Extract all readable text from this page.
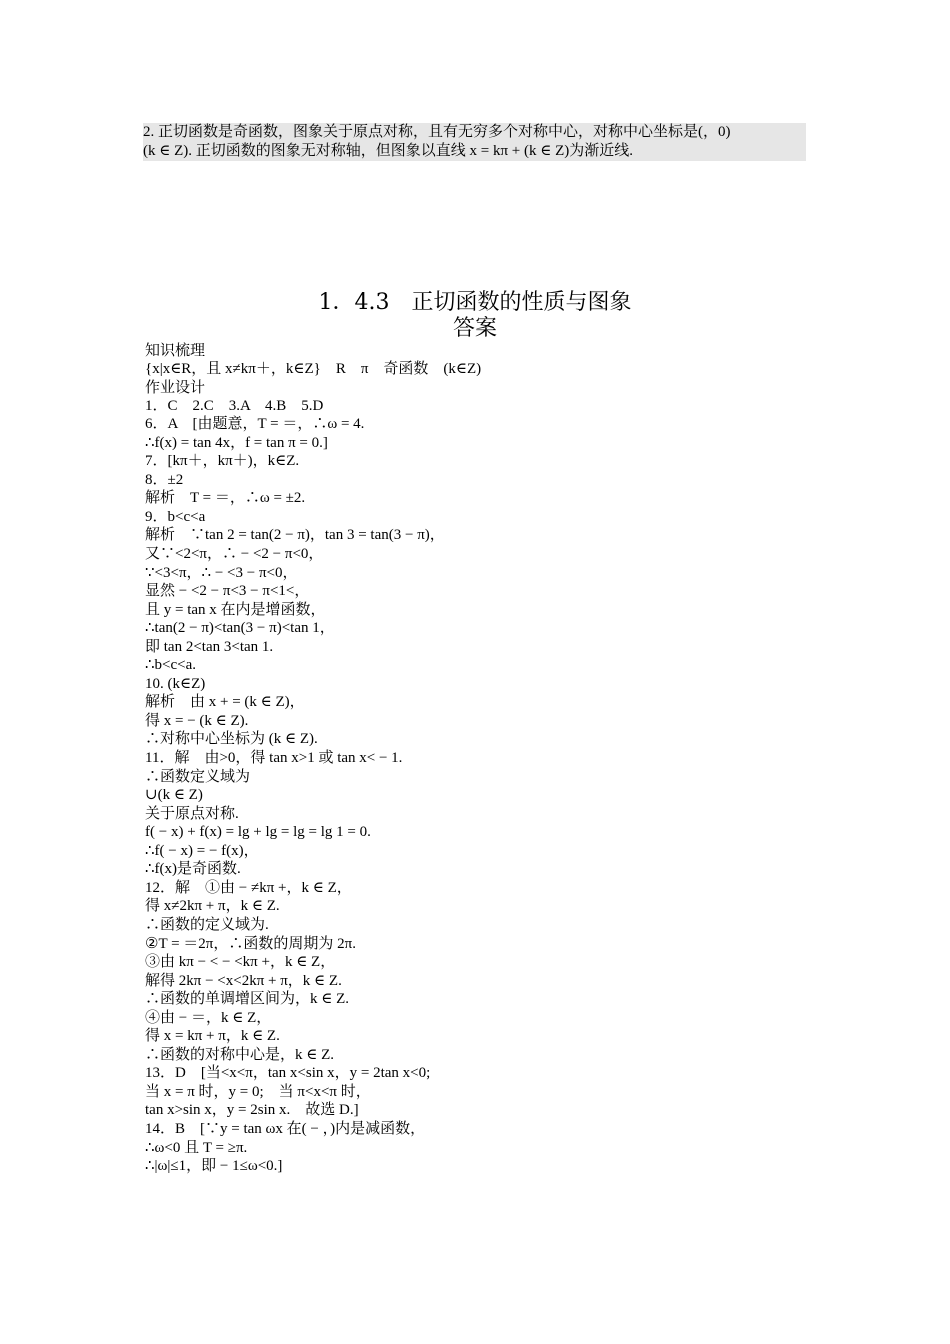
2. 正切函数是奇函数，图象关于原点对称，且有无穷多个对称中心，对称中心坐标是(，0)
(k ∈ Z). 正切函数的图象无对称轴，但图象以直线 x = kπ + (k ∈ Z)为渐近线.
1．4.3　正切函数的性质与图象
答案
知识梳理
{x|x∈R，且 x≠kπ＋，k∈Z}　R　π　奇函数　(k∈Z)
作业设计
1．C　2.C　3.A　4.B　5.D
6．A　[由题意，T = ＝，∴ω = 4.
∴f(x) = tan 4x，f = tan π = 0.]
7．[kπ＋，kπ＋)，k∈Z.
8．±2
解析　T = ＝，∴ω = ±2.
9．b<c<a
解析　∵tan 2 = tan(2 − π)，tan 3 = tan(3 − π)，
又∵<2<π，∴ − <2 − π<0，
∵<3<π，∴ − <3 − π<0，
显然 − <2 − π<3 − π<1<，
且 y = tan x 在内是增函数，
∴tan(2 − π)<tan(3 − π)<tan 1，
即 tan 2<tan 3<tan 1.
∴b<c<a.
10. (k∈Z)
解析　由 x + = (k ∈ Z)，
得 x = − (k ∈ Z).
∴对称中心坐标为 (k ∈ Z).
11．解　由>0，得 tan x>1 或 tan x< − 1.
∴函数定义域为
∪(k ∈ Z)
关于原点对称.
f( − x) + f(x) = lg + lg = lg = lg 1 = 0.
∴f( − x) = − f(x)，
∴f(x)是奇函数.
12．解　①由 − ≠kπ +，k ∈ Z，
得 x≠2kπ + π，k ∈ Z.
∴函数的定义域为.
②T = ＝2π，∴函数的周期为 2π.
③由 kπ − < − <kπ +，k ∈ Z，
解得 2kπ − <x<2kπ + π，k ∈ Z.
∴函数的单调增区间为，k ∈ Z.
④由 − ＝，k ∈ Z，
得 x = kπ + π，k ∈ Z.
∴函数的对称中心是，k ∈ Z.
13．D　[当<x<π，tan x<sin x，y = 2tan x<0;
当 x = π 时，y = 0;　当 π<x<π 时，
tan x>sin x，y = 2sin x.　故选 D.]
14．B　[∵y = tan ωx 在( − ，)内是减函数，
∴ω<0 且 T = ≥π.
∴|ω|≤1，即 − 1≤ω<0.]
